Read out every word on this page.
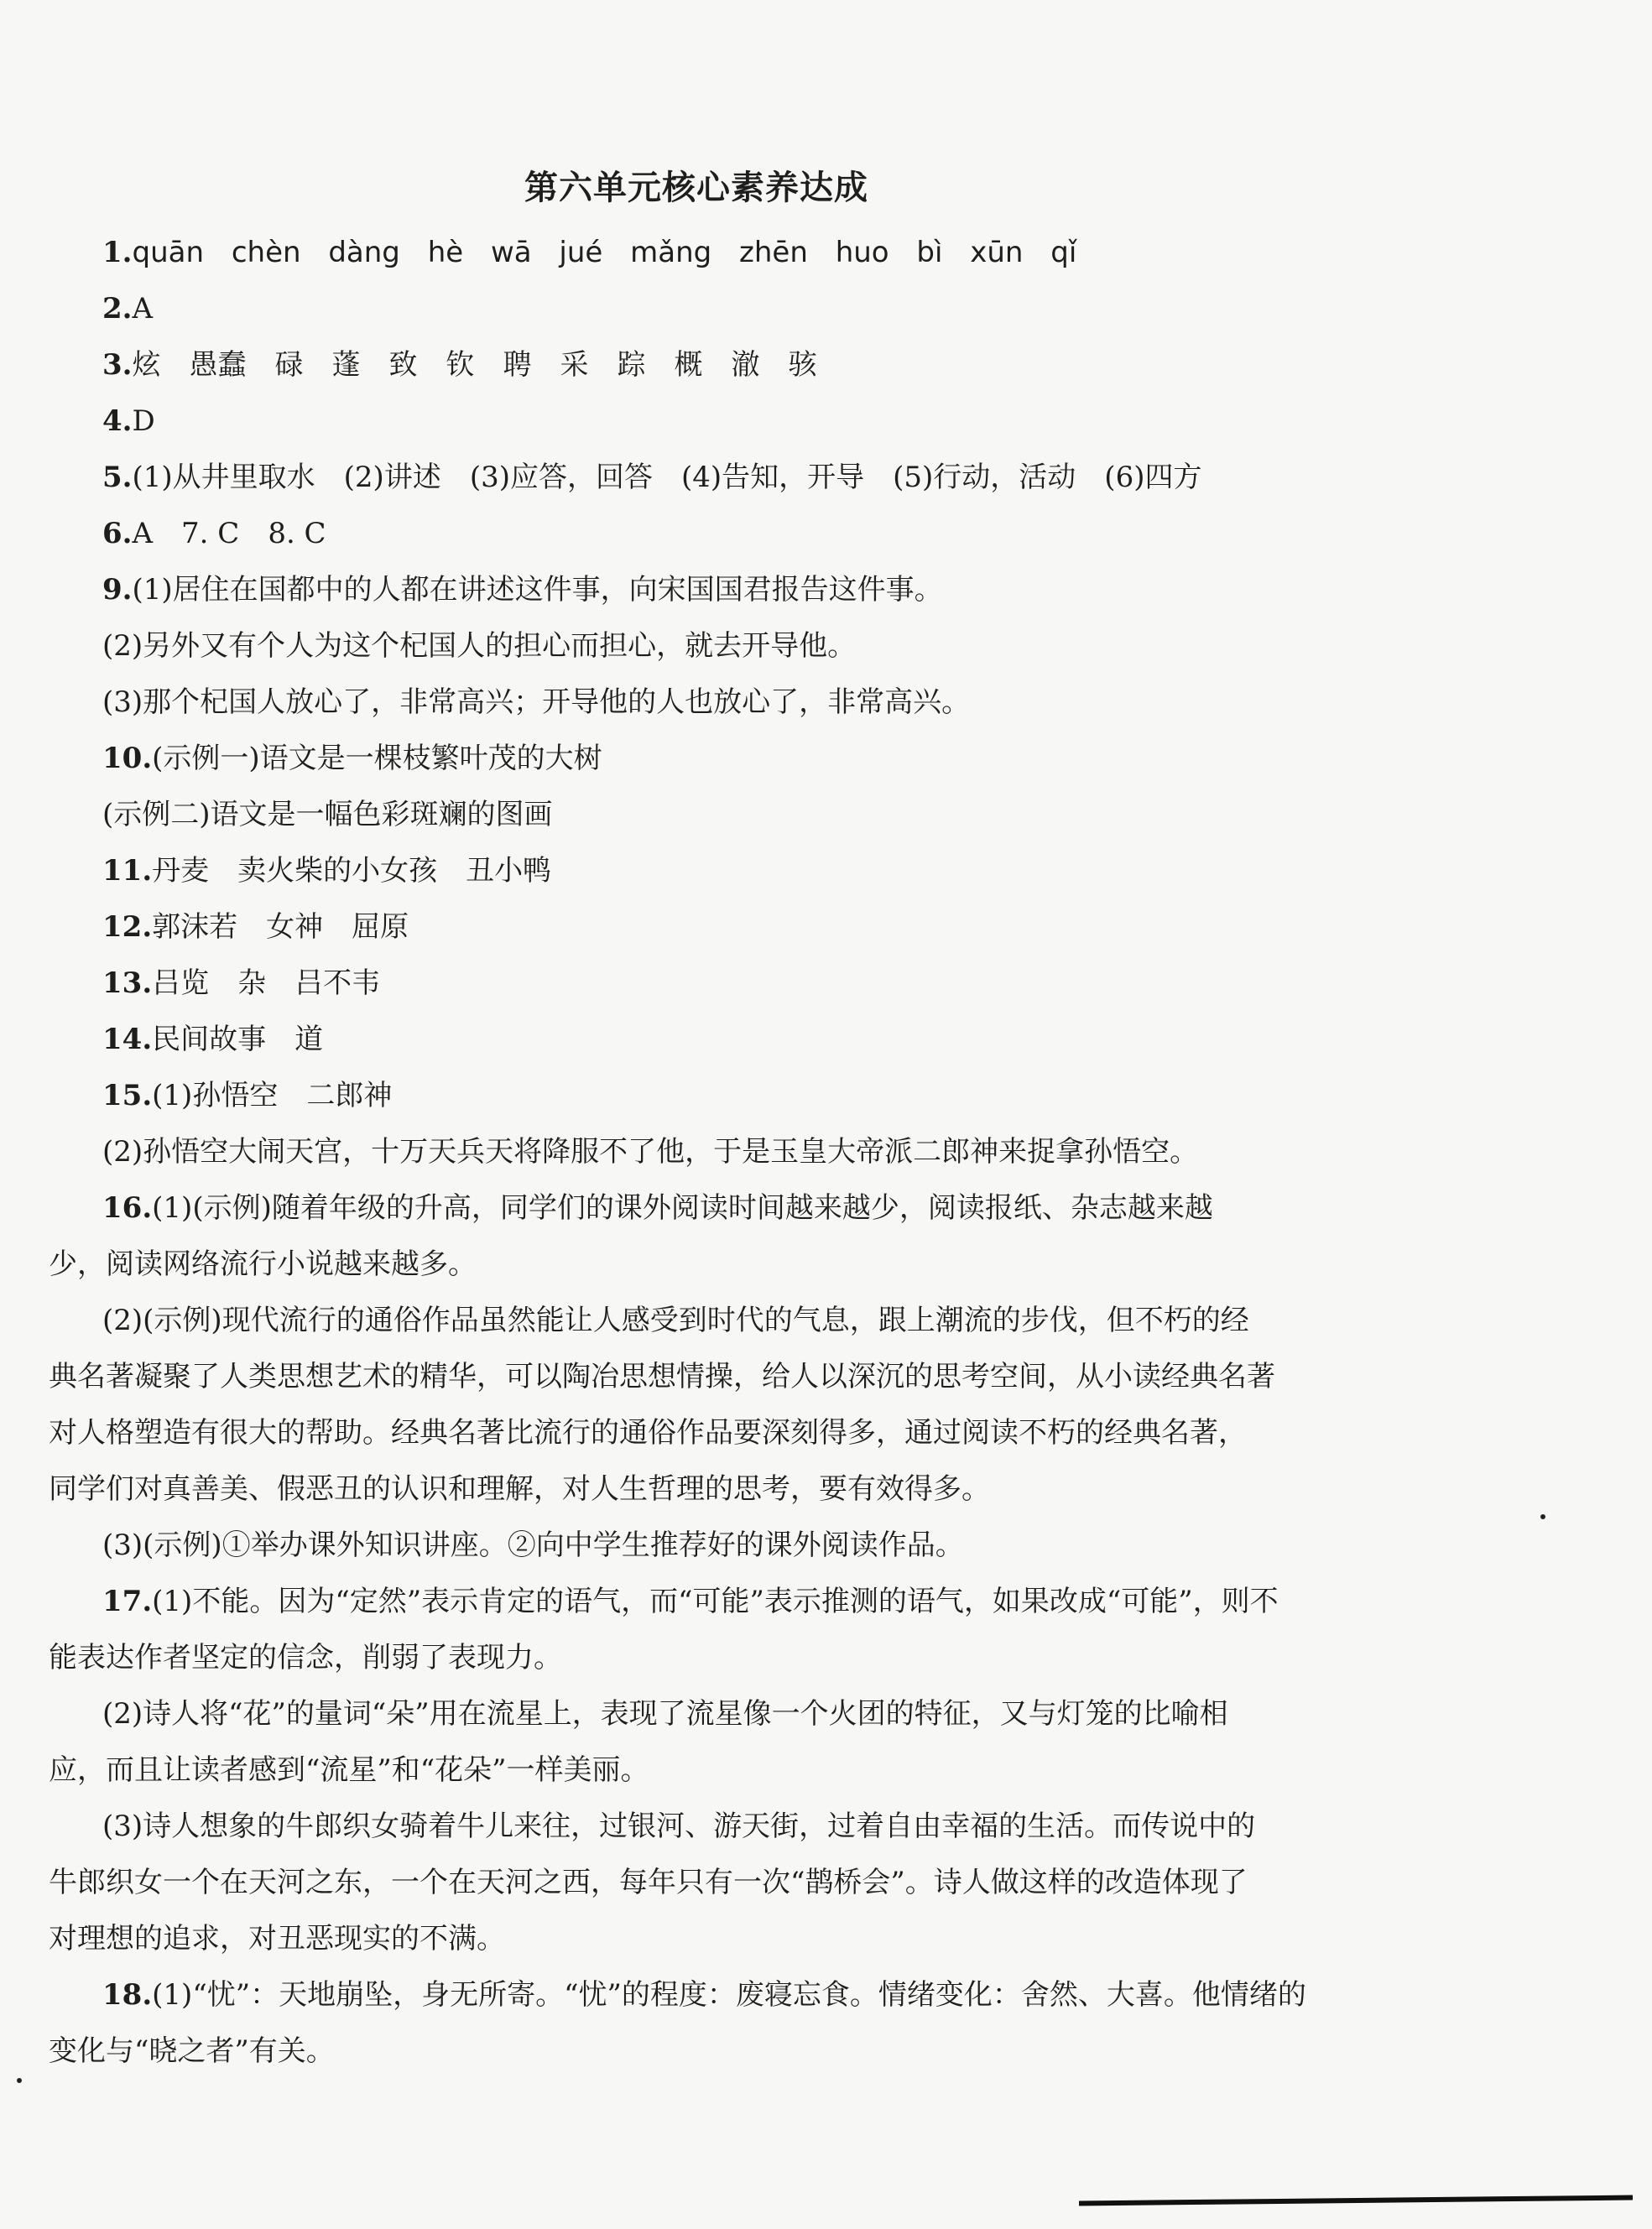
第六单元核心素养达成
1.quān chèn dàng hè wā jué mǎng zhēn huo bì xūn qǐ
2.A
3.炫　愚蠢　碌　蓬　致　钦　聘　采　踪　概　澈　骇
4.D
5.(1)从井里取水　(2)讲述　(3)应答，回答　(4)告知，开导　(5)行动，活动　(6)四方
6.A　7. C　8. C
9.(1)居住在国都中的人都在讲述这件事，向宋国国君报告这件事。
(2)另外又有个人为这个杞国人的担心而担心，就去开导他。
(3)那个杞国人放心了，非常高兴；开导他的人也放心了，非常高兴。
10.(示例一)语文是一棵枝繁叶茂的大树
(示例二)语文是一幅色彩斑斓的图画
11.丹麦　卖火柴的小女孩　丑小鸭
12.郭沫若　女神　屈原
13.吕览　杂　吕不韦
14.民间故事　道
15.(1)孙悟空　二郎神
(2)孙悟空大闹天宫，十万天兵天将降服不了他，于是玉皇大帝派二郎神来捉拿孙悟空。
16.(1)(示例)随着年级的升高，同学们的课外阅读时间越来越少，阅读报纸、杂志越来越
少，阅读网络流行小说越来越多。
(2)(示例)现代流行的通俗作品虽然能让人感受到时代的气息，跟上潮流的步伐，但不朽的经
典名著凝聚了人类思想艺术的精华，可以陶冶思想情操，给人以深沉的思考空间，从小读经典名著
对人格塑造有很大的帮助。经典名著比流行的通俗作品要深刻得多，通过阅读不朽的经典名著，
同学们对真善美、假恶丑的认识和理解，对人生哲理的思考，要有效得多。
(3)(示例)①举办课外知识讲座。②向中学生推荐好的课外阅读作品。
17.(1)不能。因为“定然”表示肯定的语气，而“可能”表示推测的语气，如果改成“可能”，则不
能表达作者坚定的信念，削弱了表现力。
(2)诗人将“花”的量词“朵”用在流星上，表现了流星像一个火团的特征，又与灯笼的比喻相
应，而且让读者感到“流星”和“花朵”一样美丽。
(3)诗人想象的牛郎织女骑着牛儿来往，过银河、游天街，过着自由幸福的生活。而传说中的
牛郎织女一个在天河之东，一个在天河之西，每年只有一次“鹊桥会”。诗人做这样的改造体现了
对理想的追求，对丑恶现实的不满。
18.(1)“忧”：天地崩坠，身无所寄。“忧”的程度：废寝忘食。情绪变化：舍然、大喜。他情绪的
变化与“晓之者”有关。
